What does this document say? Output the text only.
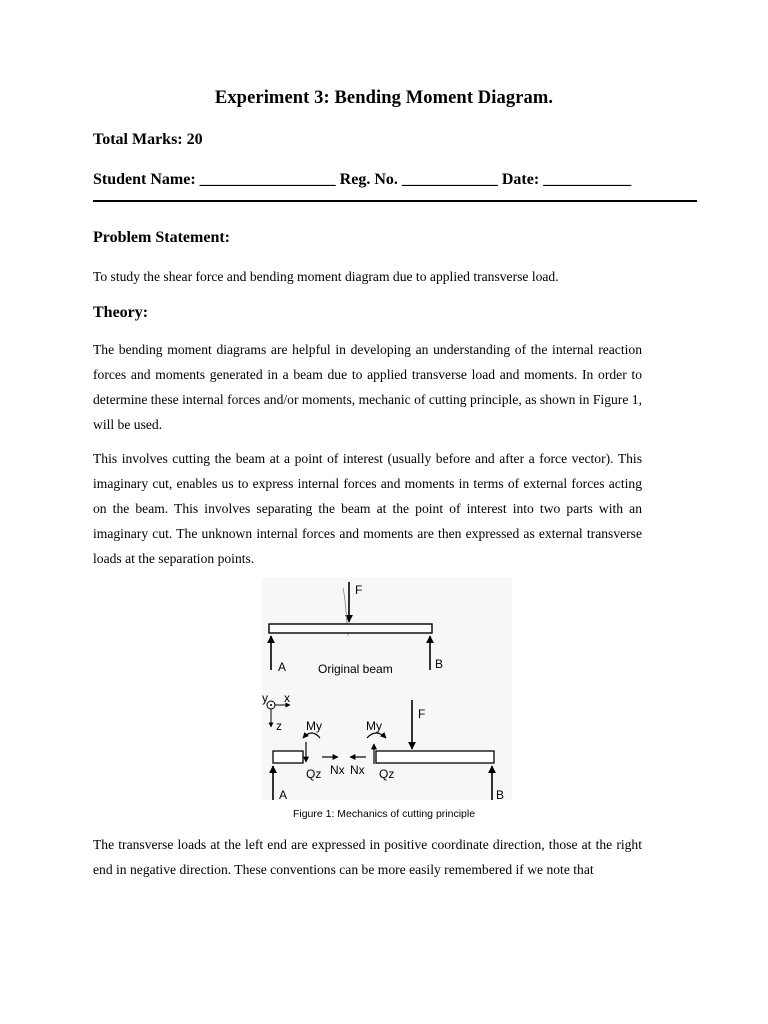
Experiment 3: Bending Moment Diagram.
Total Marks: 20
Student Name: _________________ Reg. No. ____________ Date: ___________
Problem Statement:
To study the shear force and bending moment diagram due to applied transverse load.
Theory:
The bending moment diagrams are helpful in developing an understanding of the internal reaction forces and moments generated in a beam due to applied transverse load and moments. In order to determine these internal forces and/or moments, mechanic of cutting principle, as shown in Figure 1, will be used.
This involves cutting the beam at a point of interest (usually before and after a force vector). This imaginary cut, enables us to express internal forces and moments in terms of external forces acting on the beam. This involves separating the beam at the point of interest into two parts with an imaginary cut. The unknown internal forces and moments are then expressed as external transverse loads at the separation points.
F
A	B
Original beam
y x
z My	My
F
Qz	Qz
Nx Nx
A	B
Figure 1: Mechanics of cutting principle
The transverse loads at the left end are expressed in positive coordinate direction, those at the right end in negative direction. These conventions can be more easily remembered if we note that
